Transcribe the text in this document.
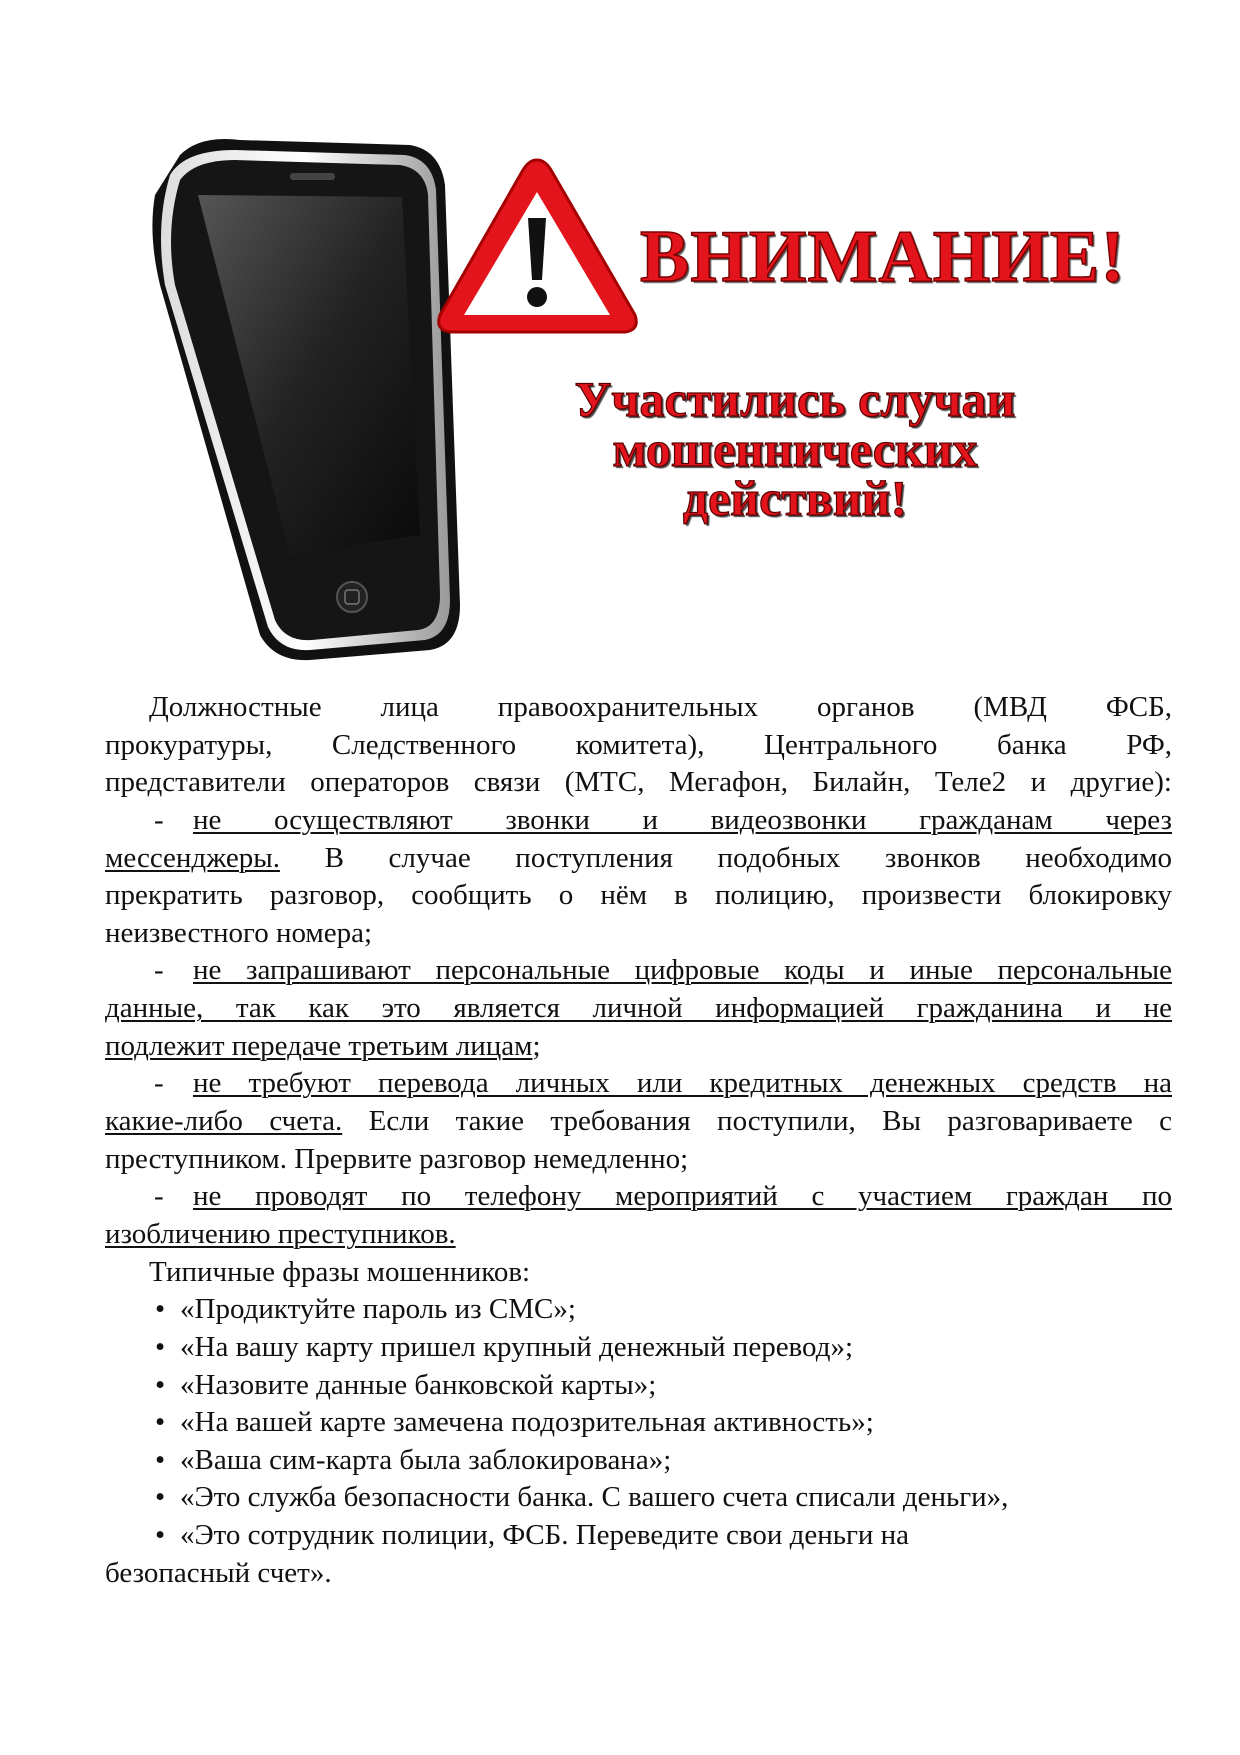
ВНИМАНИЕ!
Участились случаи
мошеннических
действий!
Должностные лица правоохранительных органов (МВД ФСБ,
прокуратуры, Следственного комитета), Центрального банка РФ,
представители операторов связи (МТС, Мегафон, Билайн, Теле2 и другие):
- не осуществляют звонки и видеозвонки гражданам через
мессенджеры. В случае поступления подобных звонков необходимо
прекратить разговор, сообщить о нём в полицию, произвести блокировку
неизвестного номера;
- не запрашивают персональные цифровые коды и иные персональные
данные, так как это является личной информацией гражданина и не
подлежит передаче третьим лицам;
- не требуют перевода личных или кредитных денежных средств на
какие-либо счета. Если такие требования поступили, Вы разговариваете с
преступником. Прервите разговор немедленно;
- не проводят по телефону мероприятий с участием граждан по
изобличению преступников.
Типичные фразы мошенников:
• «Продиктуйте пароль из СМС»;
• «На вашу карту пришел крупный денежный перевод»;
• «Назовите данные банковской карты»;
• «На вашей карте замечена подозрительная активность»;
• «Ваша сим-карта была заблокирована»;
• «Это служба безопасности банка. С вашего счета списали деньги»,
• «Это сотрудник полиции, ФСБ. Переведите свои деньги на
безопасный счет».
